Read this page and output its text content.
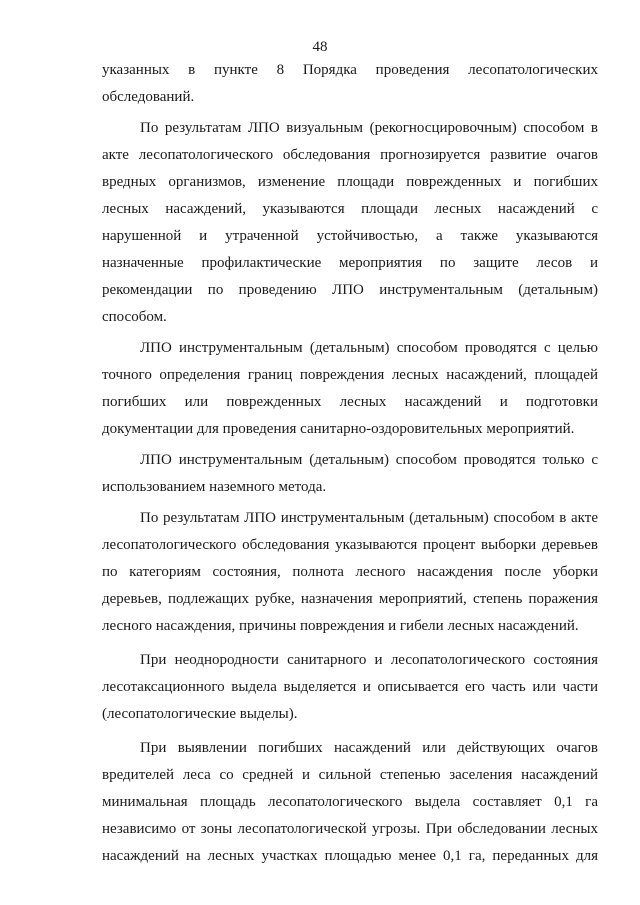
48

указанных в пункте 8 Порядка проведения лесопатологических обследований.

По результатам ЛПО визуальным (рекогносцировочным) способом в акте лесопатологического обследования прогнозируется развитие очагов вредных организмов, изменение площади поврежденных и погибших лесных насаждений, указываются площади лесных насаждений с нарушенной и утраченной устойчивостью, а также указываются назначенные профилактические мероприятия по защите лесов и рекомендации по проведению ЛПО инструментальным (детальным) способом.

ЛПО инструментальным (детальным) способом проводятся с целью точного определения границ повреждения лесных насаждений, площадей погибших или поврежденных лесных насаждений и подготовки документации для проведения санитарно-оздоровительных мероприятий.

ЛПО инструментальным (детальным) способом проводятся только с использованием наземного метода.

По результатам ЛПО инструментальным (детальным) способом в акте лесопатологического обследования указываются процент выборки деревьев по категориям состояния, полнота лесного насаждения после уборки деревьев, подлежащих рубке, назначения мероприятий, степень поражения лесного насаждения, причины повреждения и гибели лесных насаждений.

При неоднородности санитарного и лесопатологического состояния лесотаксационного выдела выделяется и описывается его часть или части (лесопатологические выделы).

При выявлении погибших насаждений или действующих очагов вредителей леса со средней и сильной степенью заселения насаждений минимальная площадь лесопатологического выдела составляет 0,1 га независимо от зоны лесопатологической угрозы. При обследовании лесных насаждений на лесных участках площадью менее 0,1 га, переданных для
